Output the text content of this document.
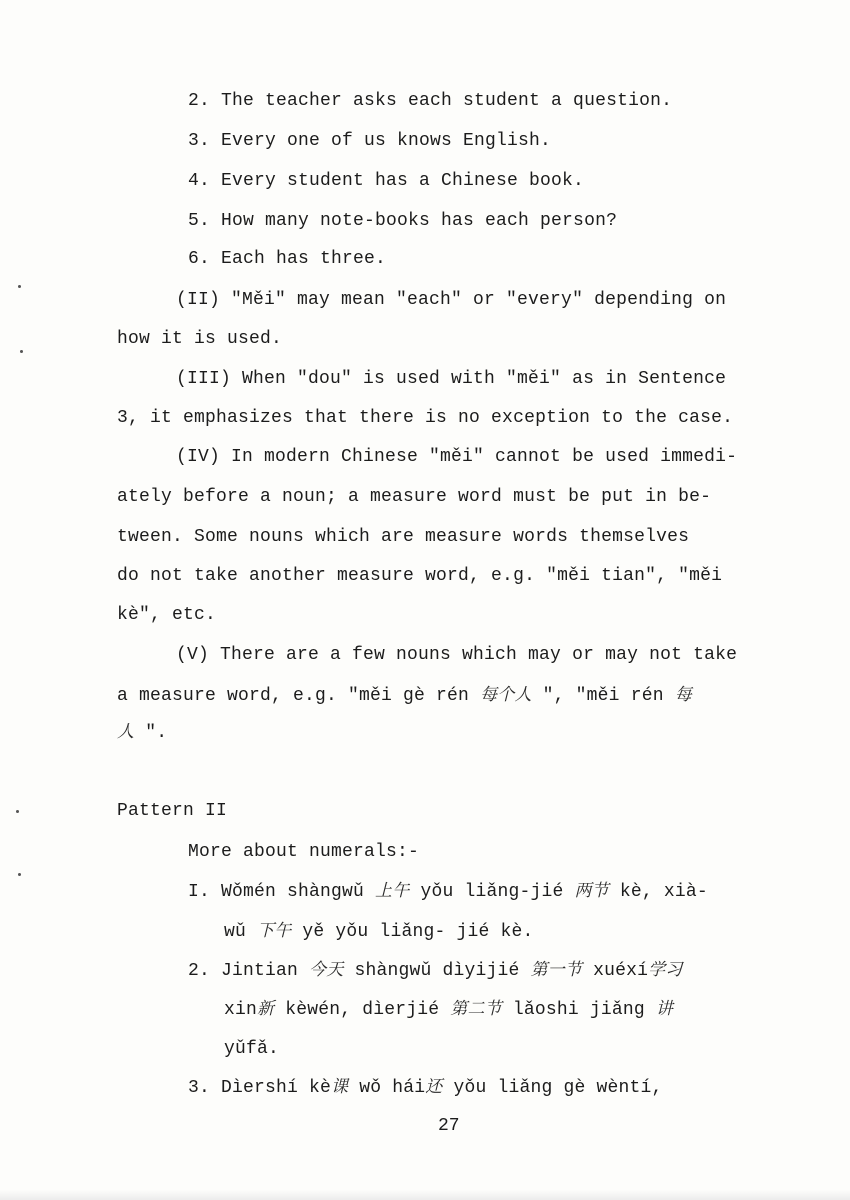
2. The teacher asks each student a question.
3. Every one of us knows English.
4. Every student has a Chinese book.
5. How many note-books has each person?
6. Each has three.
(II) "Měi" may mean "each" or "every" depending on
how it is used.
(III) When "dou" is used with "měi" as in Sentence
3, it emphasizes that there is no exception to the case.
(IV) In modern Chinese "měi" cannot be used immedi-
ately before a noun; a measure word must be put in be-
tween. Some nouns which are measure words themselves
do not take another measure word, e.g. "měi tian", "měi
kè", etc.
(V) There are a few nouns which may or may not take
a measure word, e.g. "měi gè rén 每个人 ", "měi rén 每
人 ".
Pattern II
More about numerals:-
I. Wǒmén shàngwǔ 上午 yǒu liǎng-jié 两节 kè, xià-
wǔ 下午 yě yǒu liǎng- jié kè.
2. Jintian 今天 shàngwǔ dìyijié 第一节 xuéxí学习
xin新 kèwén, dìerjié 第二节 lǎoshi jiǎng 讲
yǔfǎ.
3. Dìershí kè课 wǒ hái还 yǒu liǎng gè wèntí,
27
